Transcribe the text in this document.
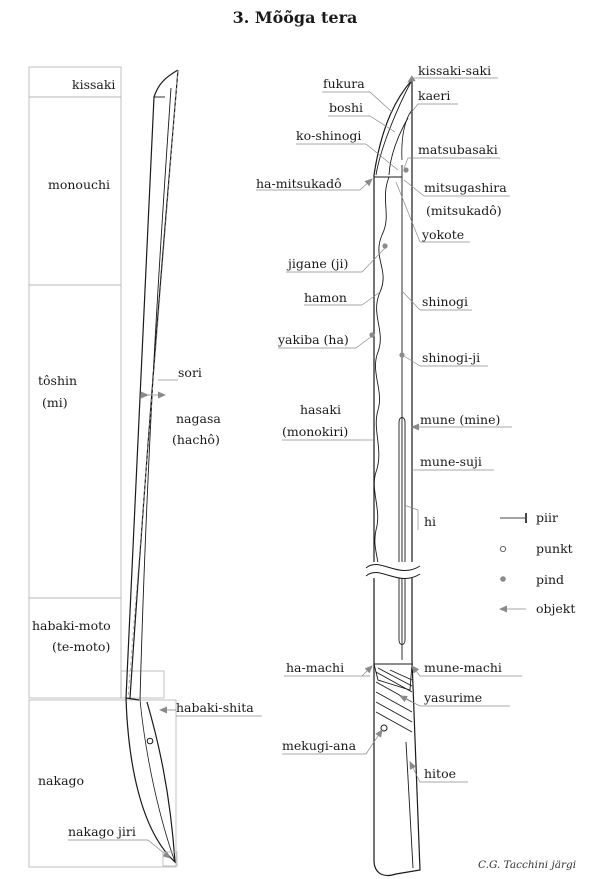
3. Mõõga tera
kissaki
monouchi
tôshin
(mi)
sori
nagasa
(hachô)
habaki-moto
(te-moto)
habaki-shita
nakago
nakago jiri
fukura
kissaki-saki
boshi
kaeri
ko-shinogi
matsubasaki
ha-mitsukadô	mitsugashira
(mitsukadô)
yokote
jigane (ji)
hamon	shinogi
yakiba (ha)
shinogi-ji
hasaki
(monokiri)
mune (mine)
mune-suji
hi
ha-machi	mune-machi
yasurime
mekugi-ana
hitoe
piir
punkt
pind
objekt
C.G. Tacchini järgi
